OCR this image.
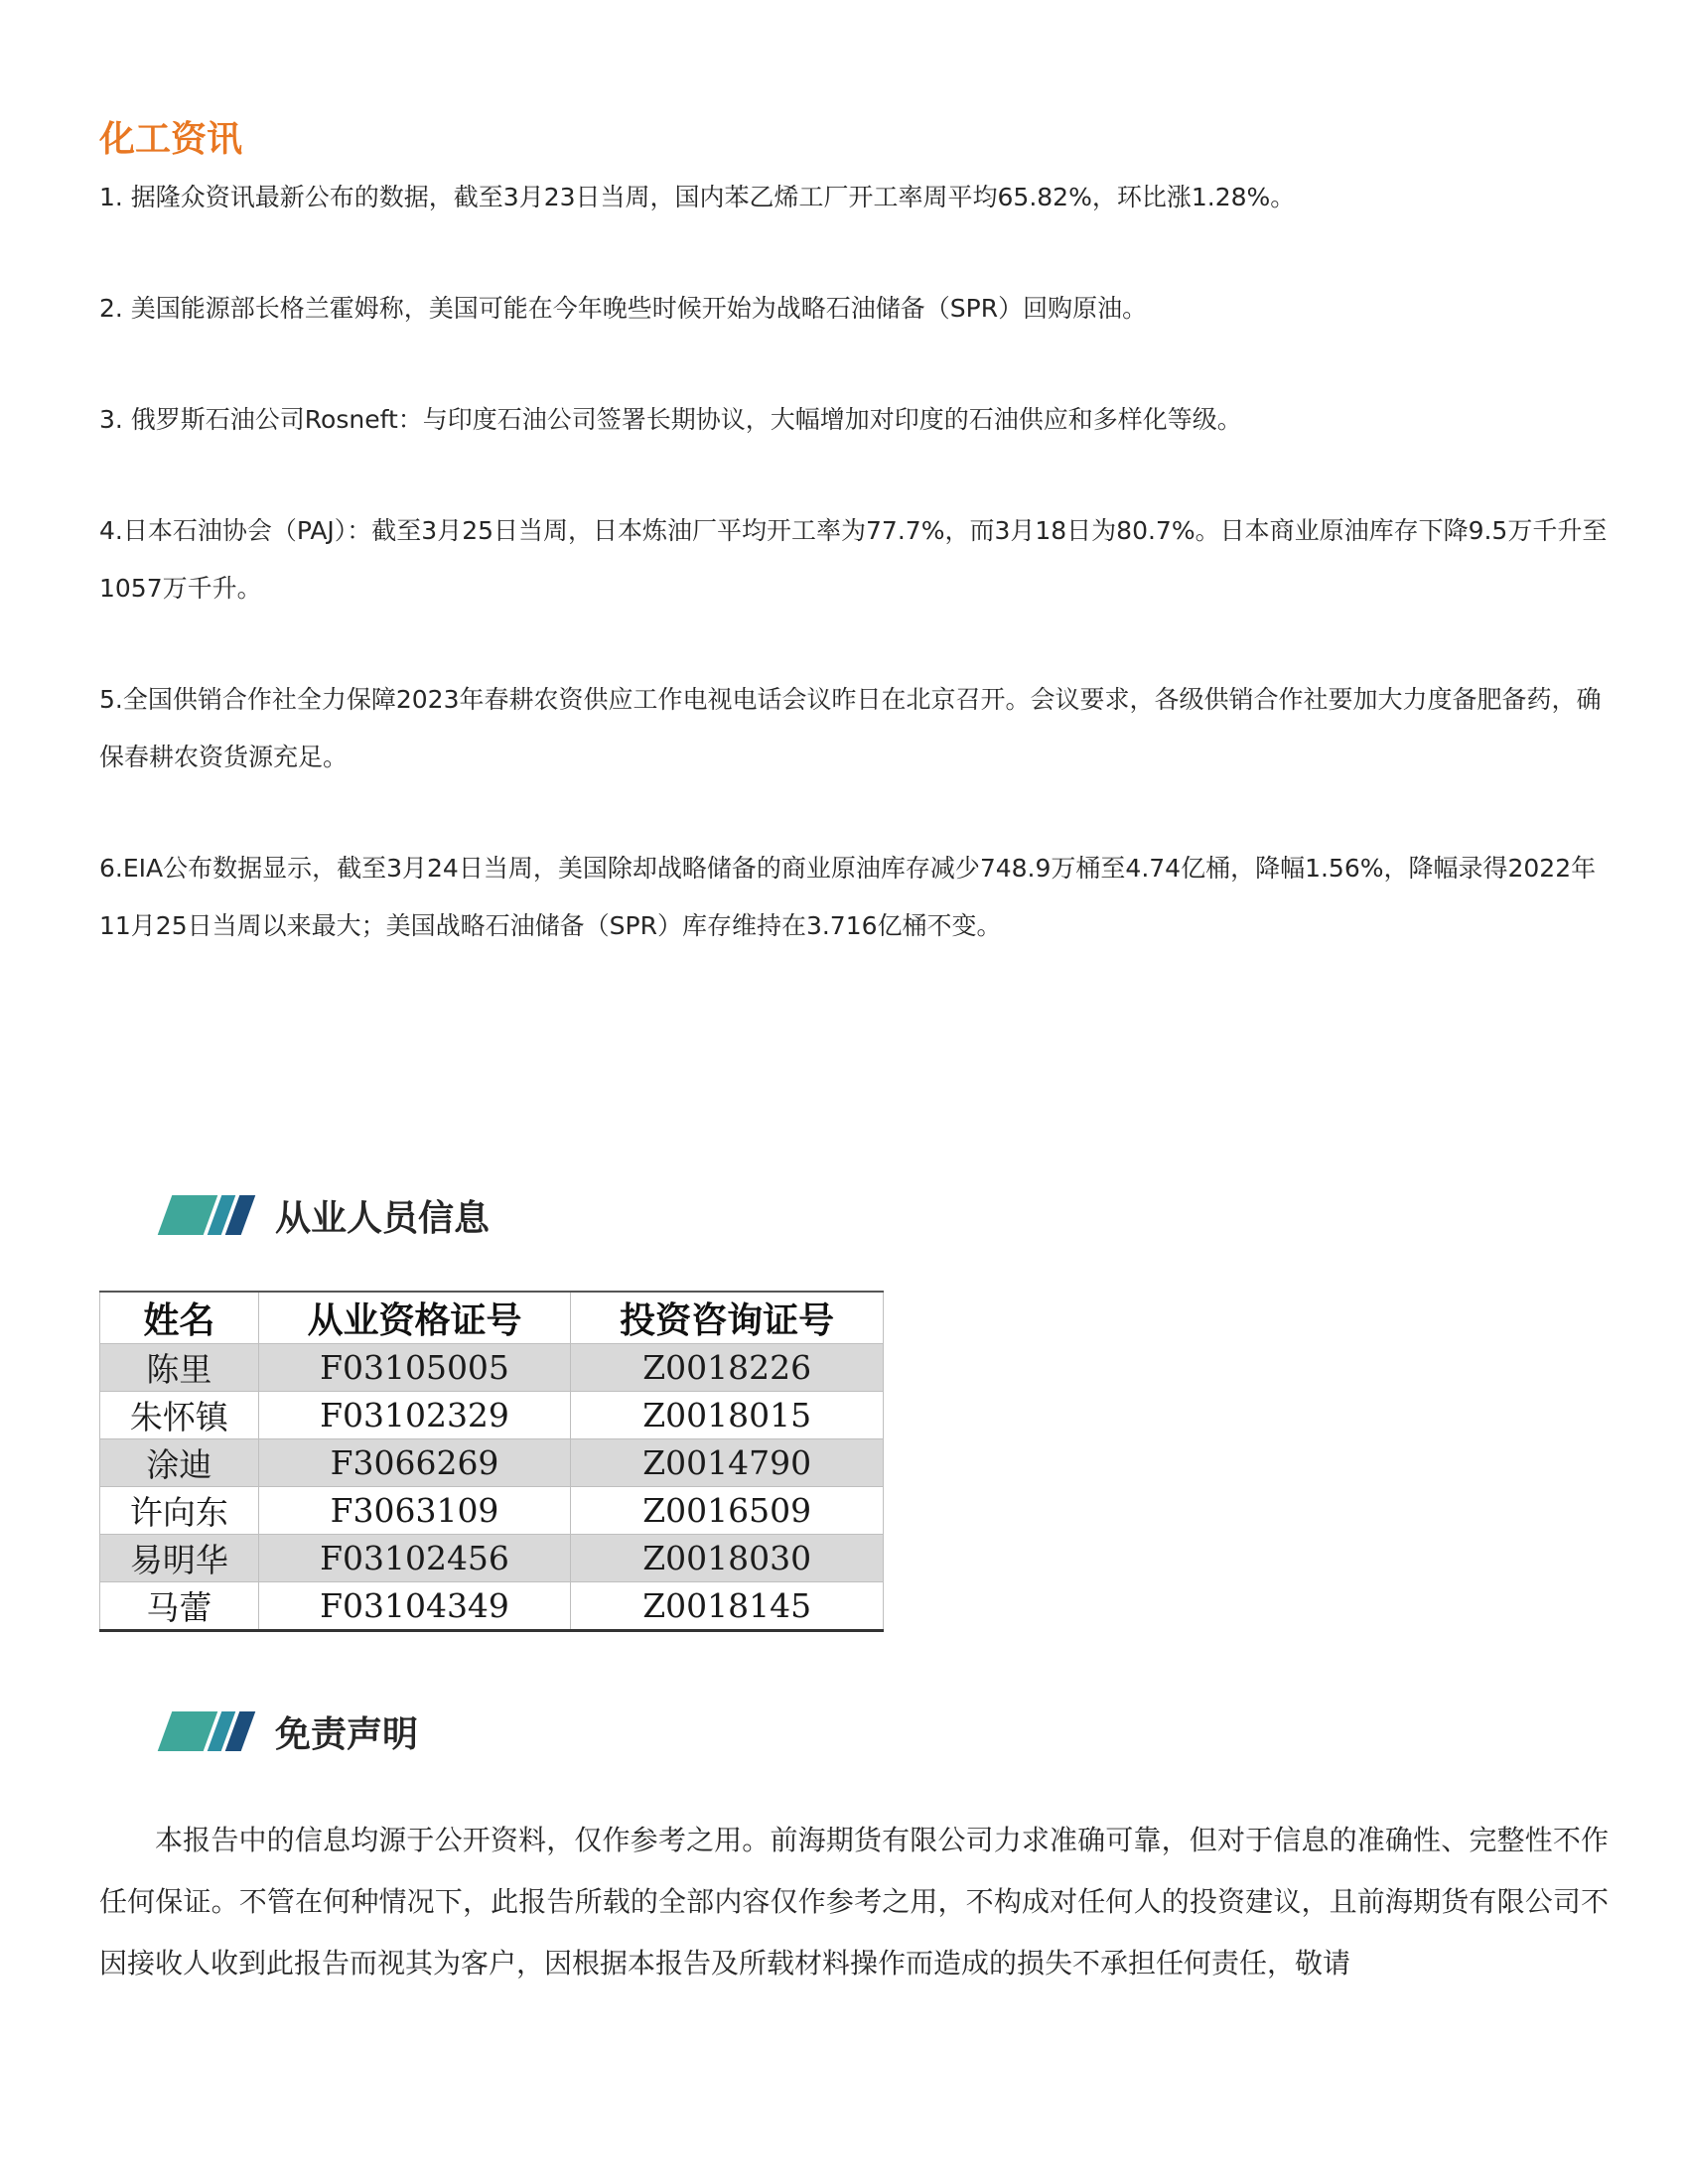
化工资讯

1. 据隆众资讯最新公布的数据，截至3月23日当周，国内苯乙烯工厂开工率周平均65.82%，环比涨1.28%。

2. 美国能源部长格兰霍姆称，美国可能在今年晚些时候开始为战略石油储备（SPR）回购原油。

3. 俄罗斯石油公司Rosneft：与印度石油公司签署长期协议，大幅增加对印度的石油供应和多样化等级。

4.日本石油协会（PAJ）：截至3月25日当周，日本炼油厂平均开工率为77.7%，而3月18日为80.7%。日本商业原油库存下降9.5万千升至1057万千升。

5.全国供销合作社全力保障2023年春耕农资供应工作电视电话会议昨日在北京召开。会议要求，各级供销合作社要加大力度备肥备药，确保春耕农资货源充足。

6.EIA公布数据显示，截至3月24日当周，美国除却战略储备的商业原油库存减少748.9万桶至4.74亿桶，降幅1.56%，降幅录得2022年11月25日当周以来最大；美国战略石油储备（SPR）库存维持在3.716亿桶不变。

从业人员信息
姓名	从业资格证号	投资咨询证号
陈里	F03105005	Z0018226
朱怀镇	F03102329	Z0018015
涂迪	F3066269	Z0014790
许向东	F3063109	Z0016509
易明华	F03102456	Z0018030
马蕾	F03104349	Z0018145
免责声明

本报告中的信息均源于公开资料，仅作参考之用。前海期货有限公司力求准确可靠，但对于信息的准确性、完整性不作任何保证。不管在何种情况下，此报告所载的全部内容仅作参考之用，不构成对任何人的投资建议，且前海期货有限公司不因接收人收到此报告而视其为客户，因根据本报告及所载材料操作而造成的损失不承担任何责任，敬请
